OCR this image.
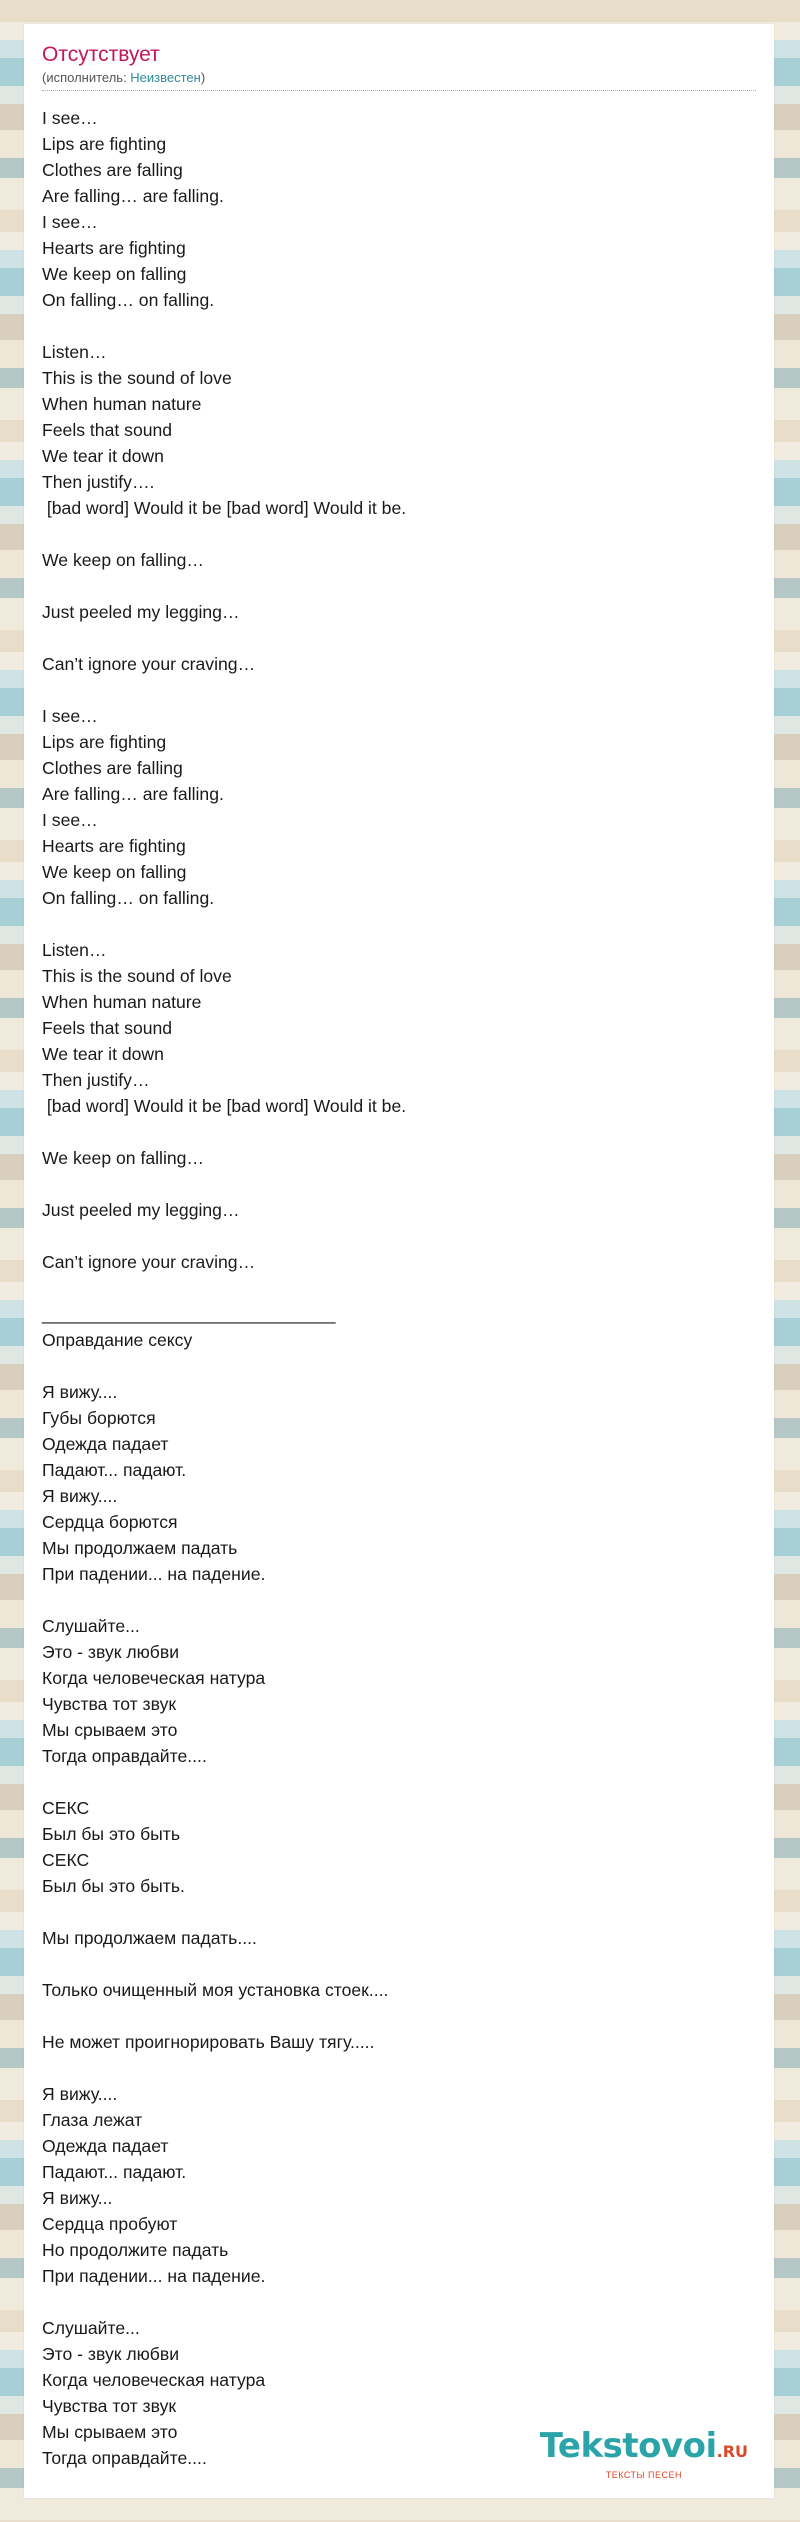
Отсутствует
(исполнитель: Неизвестен)
I see…
Lips are fighting
Clothes are falling
Are falling… are falling.
I see…
Hearts are fighting
We keep on falling
On falling… on falling.
Listen…
This is the sound of love
When human nature
Feels that sound
We tear it down
Then justify….
[bad word] Would it be [bad word] Would it be.
We keep on falling…
Just peeled my legging…
Can’t ignore your craving…
I see…
Lips are fighting
Clothes are falling
Are falling… are falling.
I see…
Hearts are fighting
We keep on falling
On falling… on falling.
Listen…
This is the sound of love
When human nature
Feels that sound
We tear it down
Then justify…
[bad word] Would it be [bad word] Would it be.
We keep on falling…
Just peeled my legging…
Can’t ignore your craving…
______________________________
Оправдание сексу
Я вижу....
Губы борются
Одежда падает
Падают... падают.
Я вижу....
Сердца борются
Мы продолжаем падать
При падении... на падение.
Слушайте...
Это - звук любви
Когда человеческая натура
Чувства тот звук
Мы срываем это
Тогда оправдайте....
СЕКС
Был бы это быть
СЕКС
Был бы это быть.
Мы продолжаем падать....
Только очищенный моя установка стоек....
Не может проигнорировать Вашу тягу.....
Я вижу....
Глаза лежат
Одежда падает
Падают... падают.
Я вижу...
Сердца пробуют
Но продолжите падать
При падении... на падение.
Слушайте...
Это - звук любви
Когда человеческая натура
Чувства тот звук
Мы срываем это
Тогда оправдайте....	Tekstovoi.RU
ТЕКСТЫ ПЕСЕН
